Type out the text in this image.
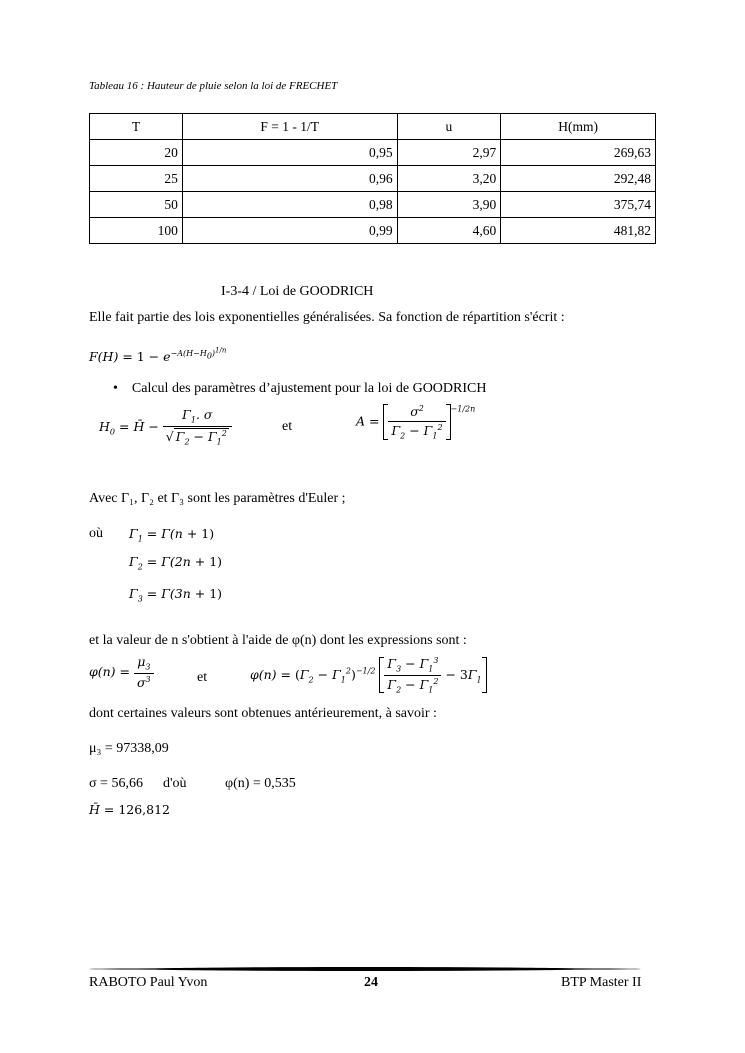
Tableau 16 : Hauteur de pluie selon la loi de FRECHET
T	F = 1 - 1/T	u	H(mm)
20	0,95	2,97	269,63
25	0,96	3,20	292,48
50	0,98	3,90	375,74
100	0,99	4,60	481,82
I-3-4 / Loi de GOODRICH
Elle fait partie des lois exponentielles généralisées. Sa fonction de répartition s'écrit :
$F(H) = 1 - e^{-A(H-H_0)^{1/n}}$
• Calcul des paramètres d’ajustement pour la loi de GOODRICH
$H_0$ = H̄ − $\frac{\Gamma_1. \sigma}{√ \Gamma_2 - \Gamma_1^2}$	et	$A = \frac{\sigma^2}{\Gamma_2 - \Gamma_1^2} ^{-1/2n}$
Avec Γ₁, Γ₂ et Γ₃ sont les paramètres d'Euler ;
où $\Gamma_1 = \Gamma(n + 1)$
$\Gamma_2 = \Gamma(2n + 1)$
$\Gamma_3 = \Gamma(3n + 1)$
et la valeur de n s'obtient à l'aide de φ(n) dont les expressions sont :
$\varphi(n) = \frac{\mu_3}{\sigma^3}$	et	$\varphi(n) = (\Gamma_2 - \Gamma_1^2)^{-1/2} \frac{\Gamma_3 - \Gamma_1^3}{\Gamma_2 - \Gamma_1^2} - 3\Gamma_1$
dont certaines valeurs sont obtenues antérieurement, à savoir :
μ₃ = 97338,09
σ = 56,66 d'où	φ(n) = 0,535
H̄ = 126,812
RABOTO Paul Yvon	24	BTP Master II
